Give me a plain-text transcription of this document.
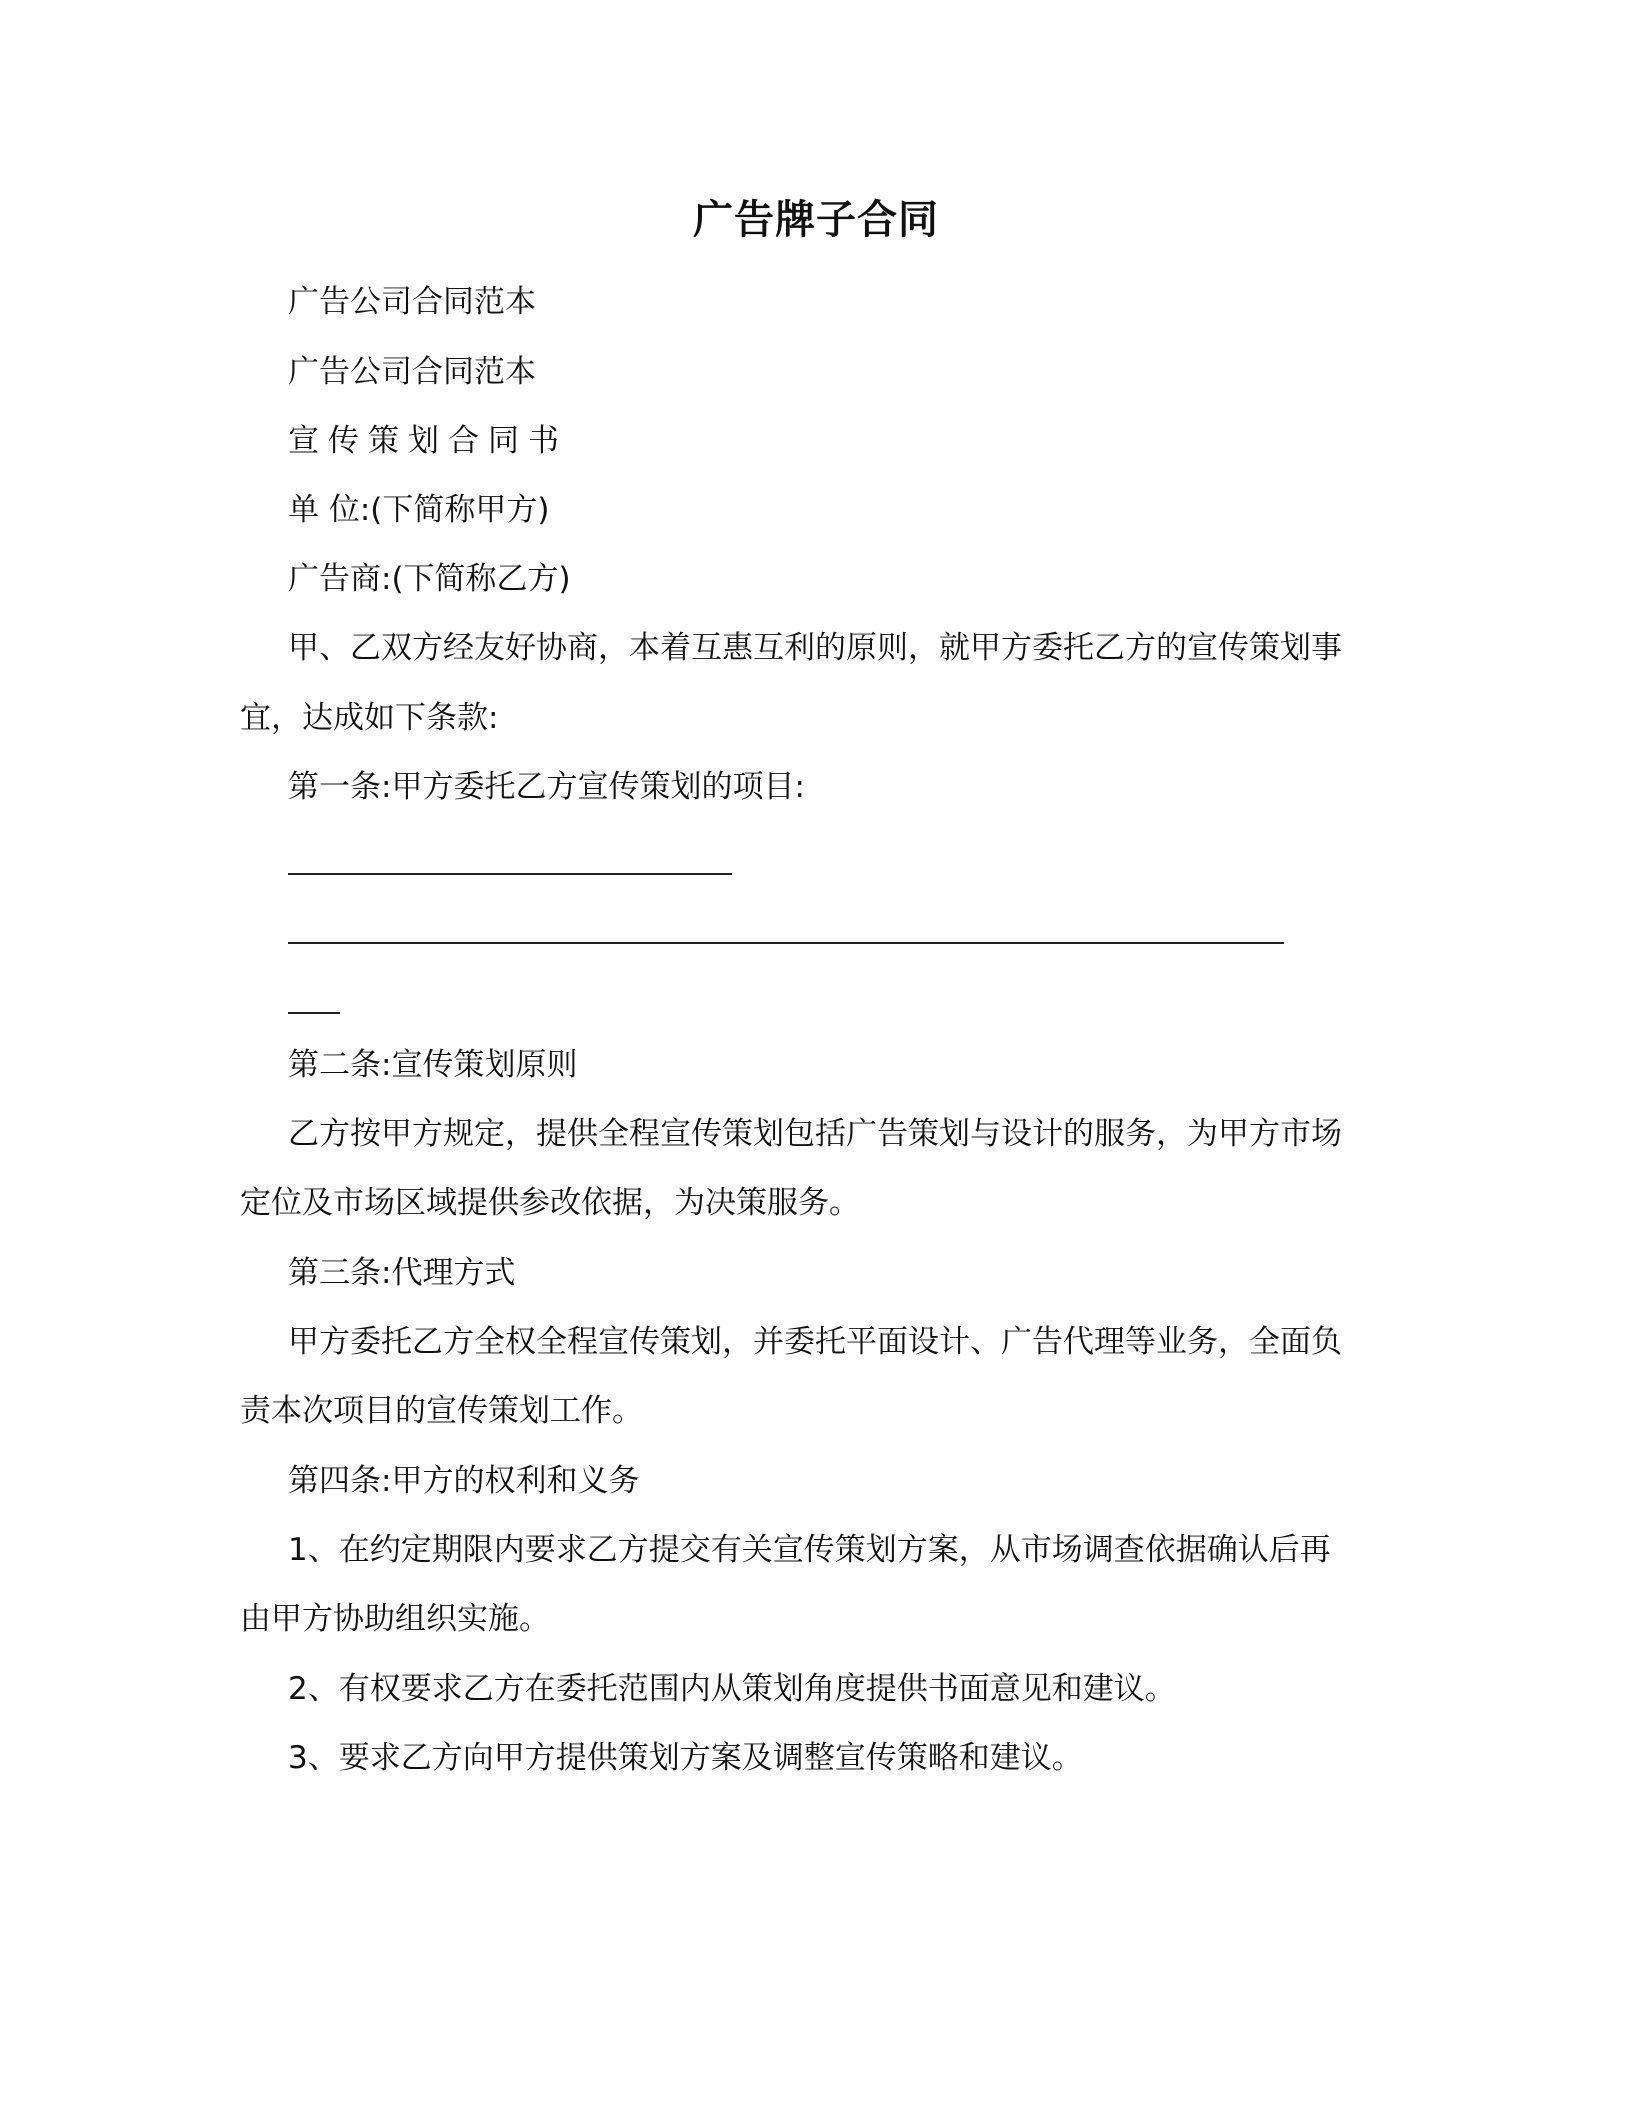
广告牌子合同
广告公司合同范本
广告公司合同范本
宣传策划合同书
单 位:(下简称甲方)
广告商:(下简称乙方)
甲、乙双方经友好协商，本着互惠互利的原则，就甲方委托乙方的宣传策划事
宜，达成如下条款:
第一条:甲方委托乙方宣传策划的项目:
第二条:宣传策划原则
乙方按甲方规定，提供全程宣传策划包括广告策划与设计的服务，为甲方市场
定位及市场区域提供参改依据，为决策服务。
第三条:代理方式
甲方委托乙方全权全程宣传策划，并委托平面设计、广告代理等业务，全面负
责本次项目的宣传策划工作。
第四条:甲方的权利和义务
1、在约定期限内要求乙方提交有关宣传策划方案，从市场调查依据确认后再
由甲方协助组织实施。
2、有权要求乙方在委托范围内从策划角度提供书面意见和建议。
3、要求乙方向甲方提供策划方案及调整宣传策略和建议。
